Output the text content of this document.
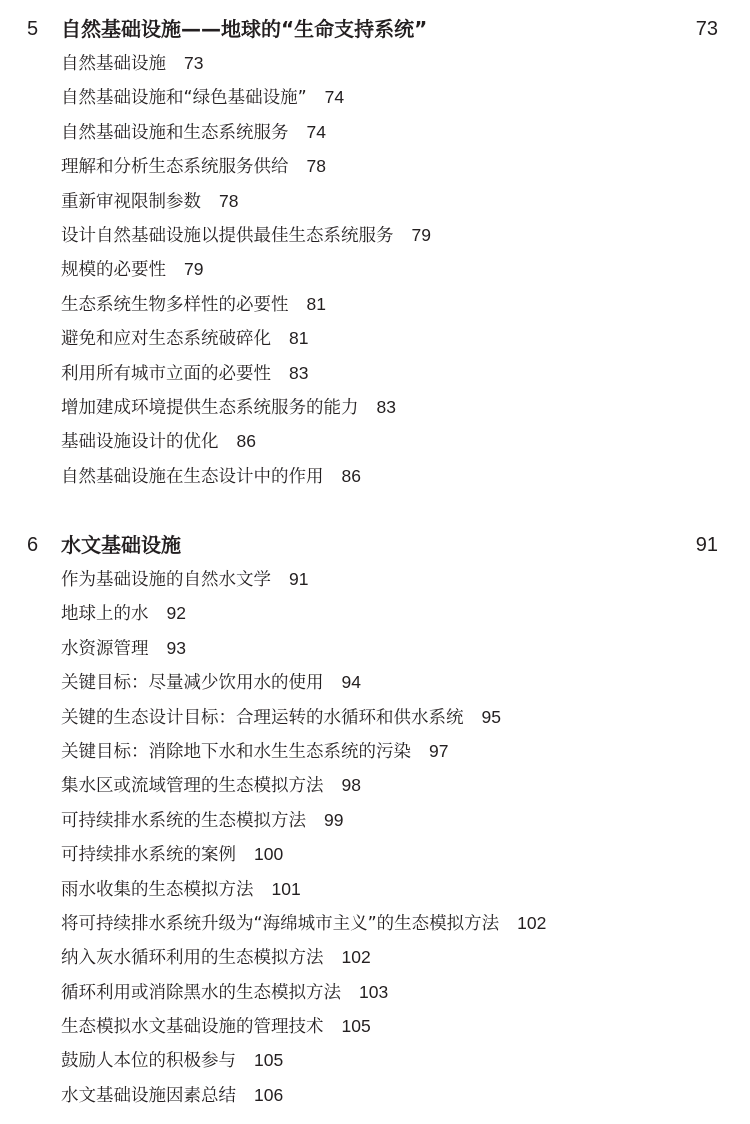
5 自然基础设施——地球的“生命支持系统”	73
自然基础设施 73
自然基础设施和“绿色基础设施” 74
自然基础设施和生态系统服务 74
理解和分析生态系统服务供给 78
重新审视限制参数 78
设计自然基础设施以提供最佳生态系统服务 79
规模的必要性 79
生态系统生物多样性的必要性 81
避免和应对生态系统破碎化 81
利用所有城市立面的必要性 83
增加建成环境提供生态系统服务的能力 83
基础设施设计的优化 86
自然基础设施在生态设计中的作用 86
6 水文基础设施	91
作为基础设施的自然水文学 91
地球上的水 92
水资源管理 93
关键目标：尽量减少饮用水的使用 94
关键的生态设计目标：合理运转的水循环和供水系统 95
关键目标：消除地下水和水生生态系统的污染 97
集水区或流域管理的生态模拟方法 98
可持续排水系统的生态模拟方法 99
可持续排水系统的案例 100
雨水收集的生态模拟方法 101
将可持续排水系统升级为“海绵城市主义”的生态模拟方法 102
纳入灰水循环利用的生态模拟方法 102
循环利用或消除黑水的生态模拟方法 103
生态模拟水文基础设施的管理技术 105
鼓励人本位的积极参与 105
水文基础设施因素总结 106
